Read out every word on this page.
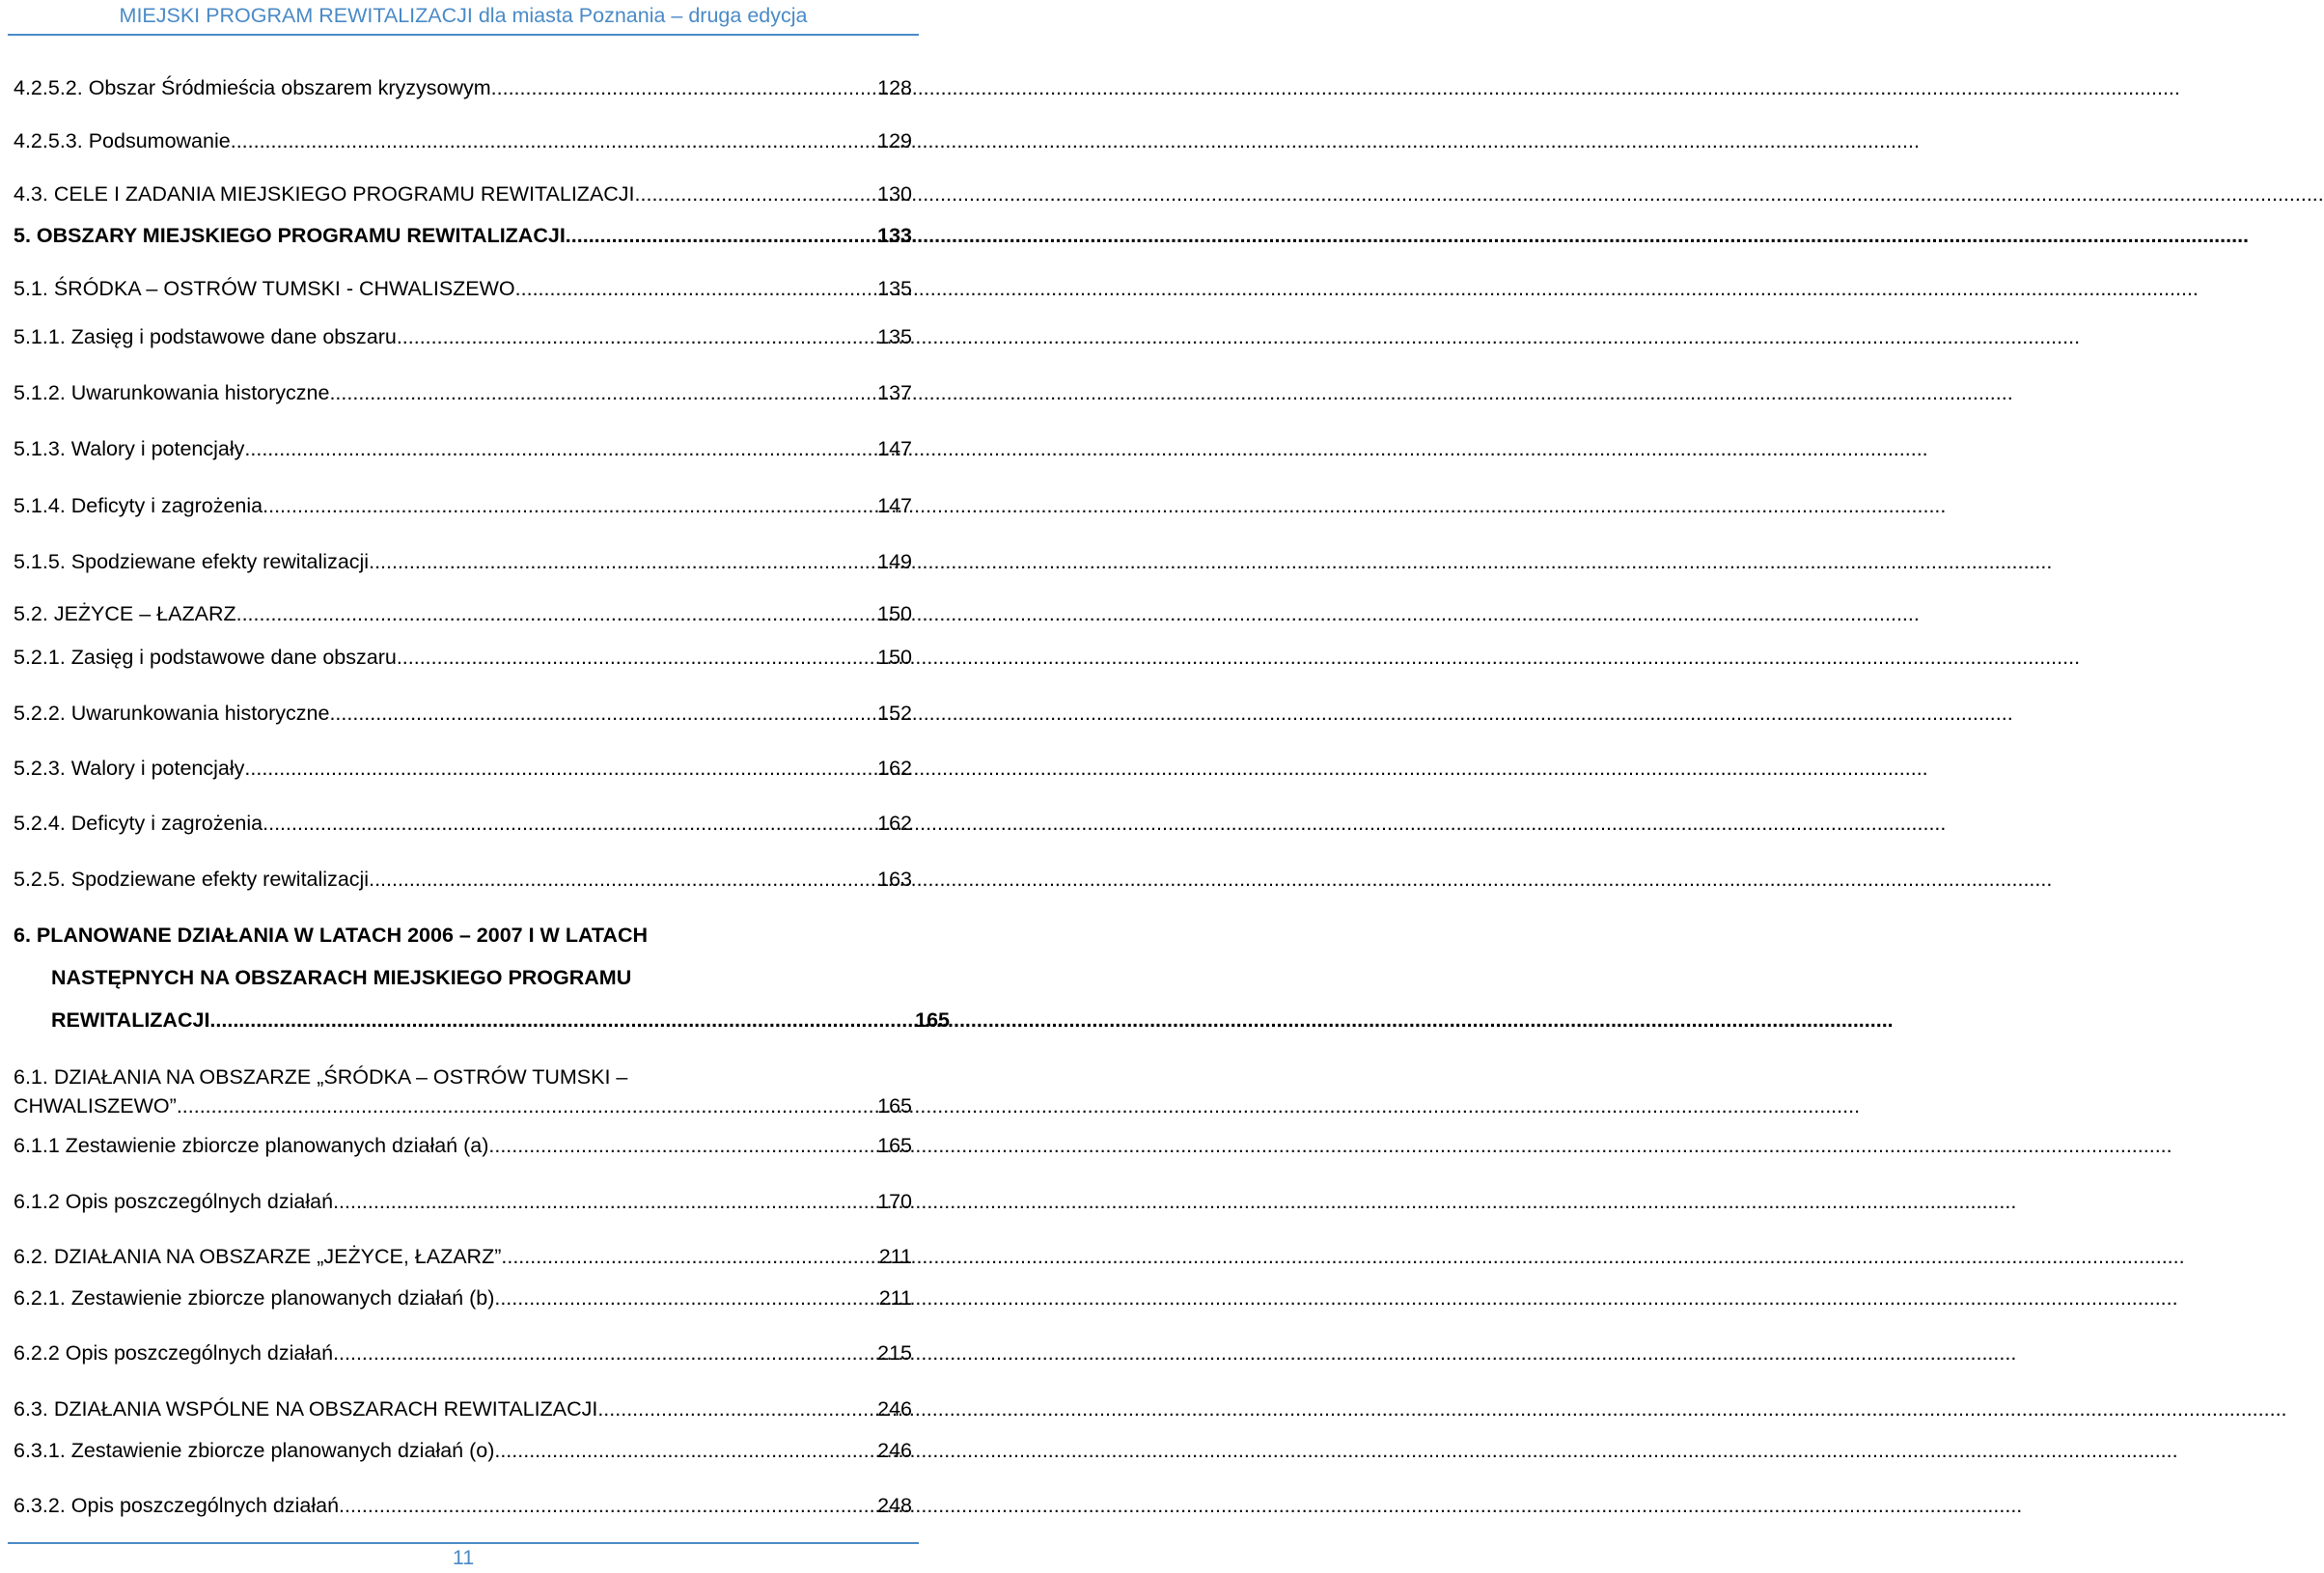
MIEJSKI PROGRAM REWITALIZACJI dla miasta Poznania – druga edycja
4.2.5.2. Obszar Śródmieścia obszarem kryzysowym. .....	128
4.2.5.3. Podsumowanie. .....	129
4.3. CELE I ZADANIA MIEJSKIEGO PROGRAMU REWITALIZACJI. .....	130
5. OBSZARY MIEJSKIEGO PROGRAMU REWITALIZACJI .....	133
5.1. ŚRÓDKA – OSTRÓW TUMSKI - CHWALISZEWO .....	135
5.1.1. Zasięg i podstawowe dane obszaru .....	135
5.1.2. Uwarunkowania historyczne .....	137
5.1.3. Walory i potencjały .....	147
5.1.4. Deficyty i zagrożenia .....	147
5.1.5. Spodziewane efekty rewitalizacji .....	149
5.2. JEŻYCE – ŁAZARZ .....	150
5.2.1. Zasięg i podstawowe dane obszaru .....	150
5.2.2. Uwarunkowania historyczne .....	152
5.2.3. Walory i potencjały .....	162
5.2.4. Deficyty i zagrożenia .....	162
5.2.5. Spodziewane efekty rewitalizacji .....	163
6. PLANOWANE DZIAŁANIA W LATACH 2006 – 2007 I W LATACH
NASTĘPNYCH NA OBSZARACH MIEJSKIEGO PROGRAMU
REWITALIZACJI .....	165
6.1. DZIAŁANIA NA OBSZARZE „ŚRÓDKA – OSTRÓW TUMSKI –
CHWALISZEWO” .....	165
6.1.1 Zestawienie zbiorcze planowanych działań (a) .....	165
6.1.2 Opis poszczególnych działań .....	170
6.2. DZIAŁANIA NA OBSZARZE „JEŻYCE, ŁAZARZ” .....	211
6.2.1. Zestawienie zbiorcze planowanych działań (b) .....	211
6.2.2 Opis poszczególnych działań .....	215
6.3. DZIAŁANIA WSPÓLNE NA OBSZARACH REWITALIZACJI. .....	246
6.3.1. Zestawienie zbiorcze planowanych działań (o) .....	246
6.3.2. Opis poszczególnych działań .....	248
11
